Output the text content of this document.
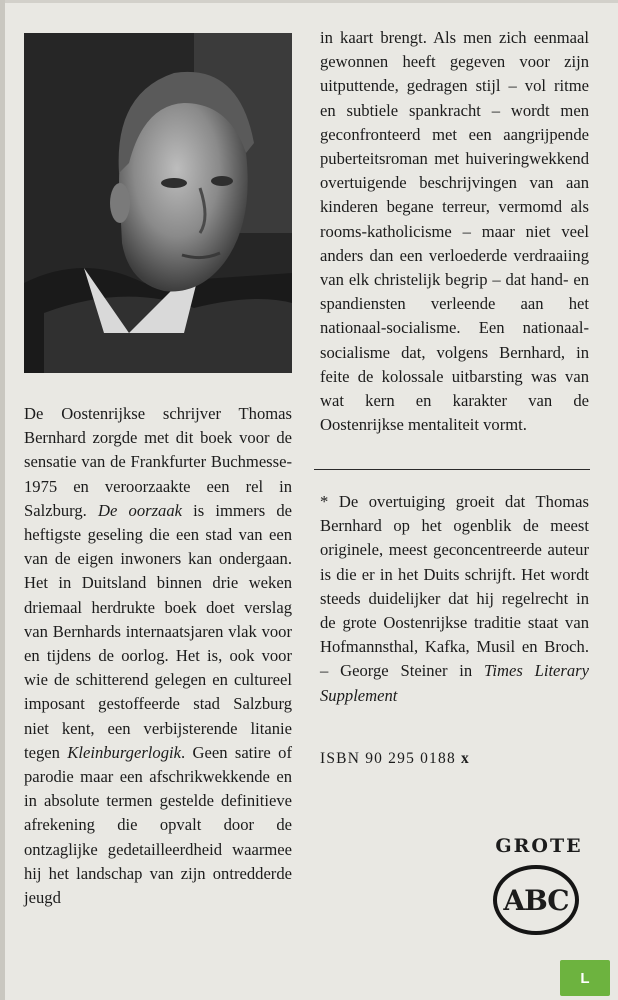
De Oostenrijkse schrijver Thomas Bernhard zorgde met dit boek voor de sensatie van de Frankfurter Buchmesse-1975 en veroorzaakte een rel in Salzburg. De oorzaak is immers de heftigste geseling die een stad van een van de eigen inwoners kan ondergaan. Het in Duitsland binnen drie weken driemaal herdrukte boek doet verslag van Bernhards internaatsjaren vlak voor en tijdens de oorlog. Het is, ook voor wie de schitterend gelegen en cultureel imposant gestoffeerde stad Salzburg niet kent, een verbijsterende litanie tegen Kleinburgerlogik. Geen satire of parodie maar een afschrikwekkende en in absolute termen gestelde definitieve afrekening die opvalt door de ontzaglijke gedetailleerdheid waarmee hij het landschap van zijn ontredderde jeugd

in kaart brengt. Als men zich eenmaal gewonnen heeft gegeven voor zijn uitputtende, gedragen stijl – vol ritme en subtiele spankracht – wordt men geconfronteerd met een aangrijpende puberteitsroman met huiveringwekkend overtuigende beschrijvingen van aan kinderen begane terreur, vermomd als rooms-katholicisme – maar niet veel anders dan een verloederde verdraaiing van elk christelijk begrip – dat hand- en spandiensten verleende aan het nationaal-socialisme. Een nationaal-socialisme dat, volgens Bernhard, in feite de kolossale uitbarsting was van wat kern en karakter van de Oostenrijkse mentaliteit vormt.

* De overtuiging groeit dat Thomas Bernhard op het ogenblik de meest originele, meest geconcentreerde auteur is die er in het Duits schrijft. Het wordt steeds duidelijker dat hij regelrecht in de grote Oostenrijkse traditie staat van Hofmannsthal, Kafka, Musil en Broch. – George Steiner in Times Literary Supplement

ISBN 90 295 0188 x
GROTE
ABC
L
